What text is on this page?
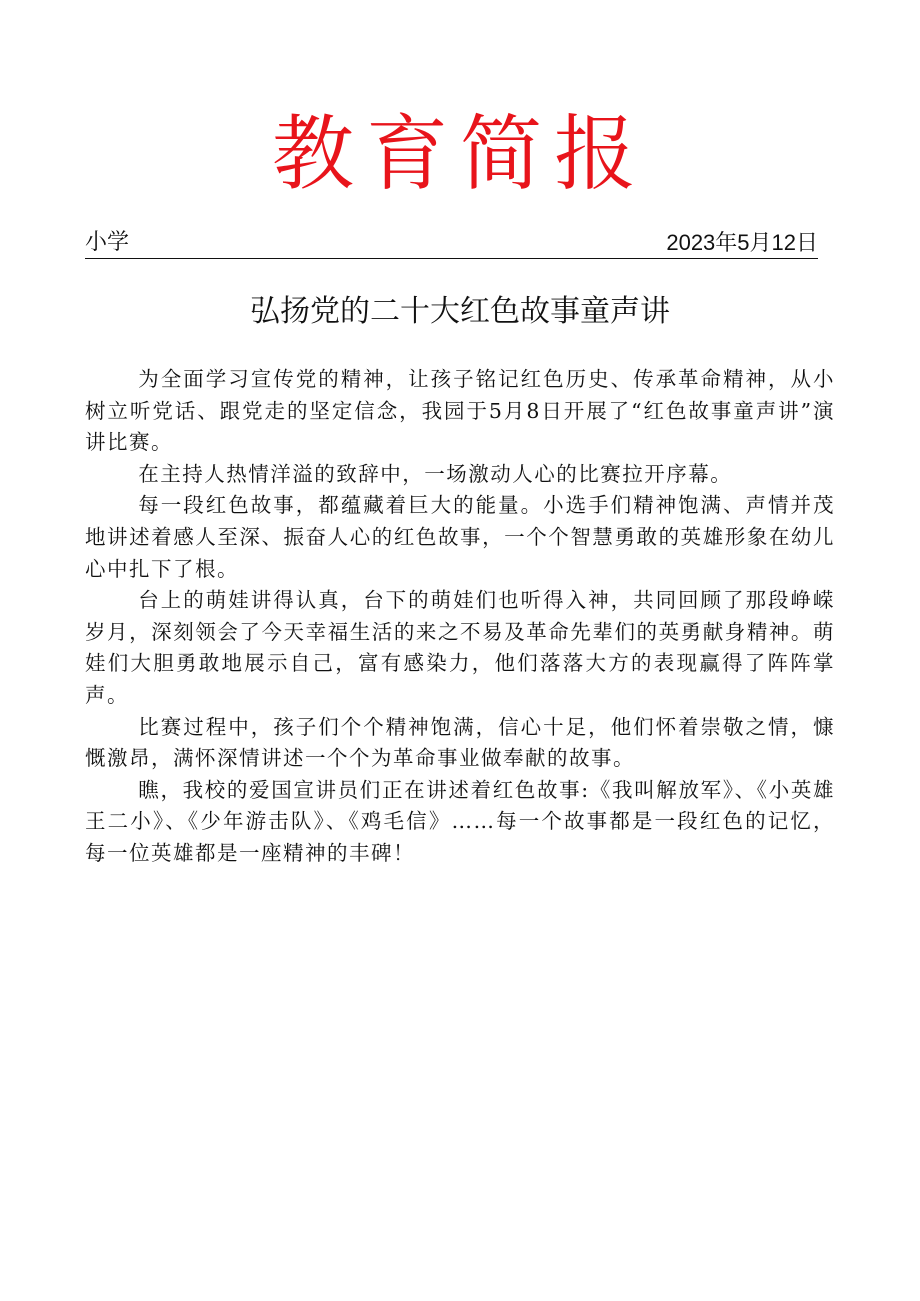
教育简报
小学	2023年5月12日
弘扬党的二十大红色故事童声讲

为全面学习宣传党的精神，让孩子铭记红色历史、传承革命精神，从小树立听党话、跟党走的坚定信念，我园于5月8日开展了“红色故事童声讲”演讲比赛。

在主持人热情洋溢的致辞中，一场激动人心的比赛拉开序幕。

每一段红色故事，都蕴藏着巨大的能量。小选手们精神饱满、声情并茂地讲述着感人至深、振奋人心的红色故事，一个个智慧勇敢的英雄形象在幼儿心中扎下了根。

台上的萌娃讲得认真，台下的萌娃们也听得入神，共同回顾了那段峥嵘岁月，深刻领会了今天幸福生活的来之不易及革命先辈们的英勇献身精神。萌娃们大胆勇敢地展示自己，富有感染力，他们落落大方的表现赢得了阵阵掌声。

比赛过程中，孩子们个个精神饱满，信心十足，他们怀着崇敬之情，慷慨激昂，满怀深情讲述一个个为革命事业做奉献的故事。

瞧，我校的爱国宣讲员们正在讲述着红色故事:《我叫解放军》、《小英雄王二小》、《少年游击队》、《鸡毛信》……每一个故事都是一段红色的记忆，每一位英雄都是一座精神的丰碑！
